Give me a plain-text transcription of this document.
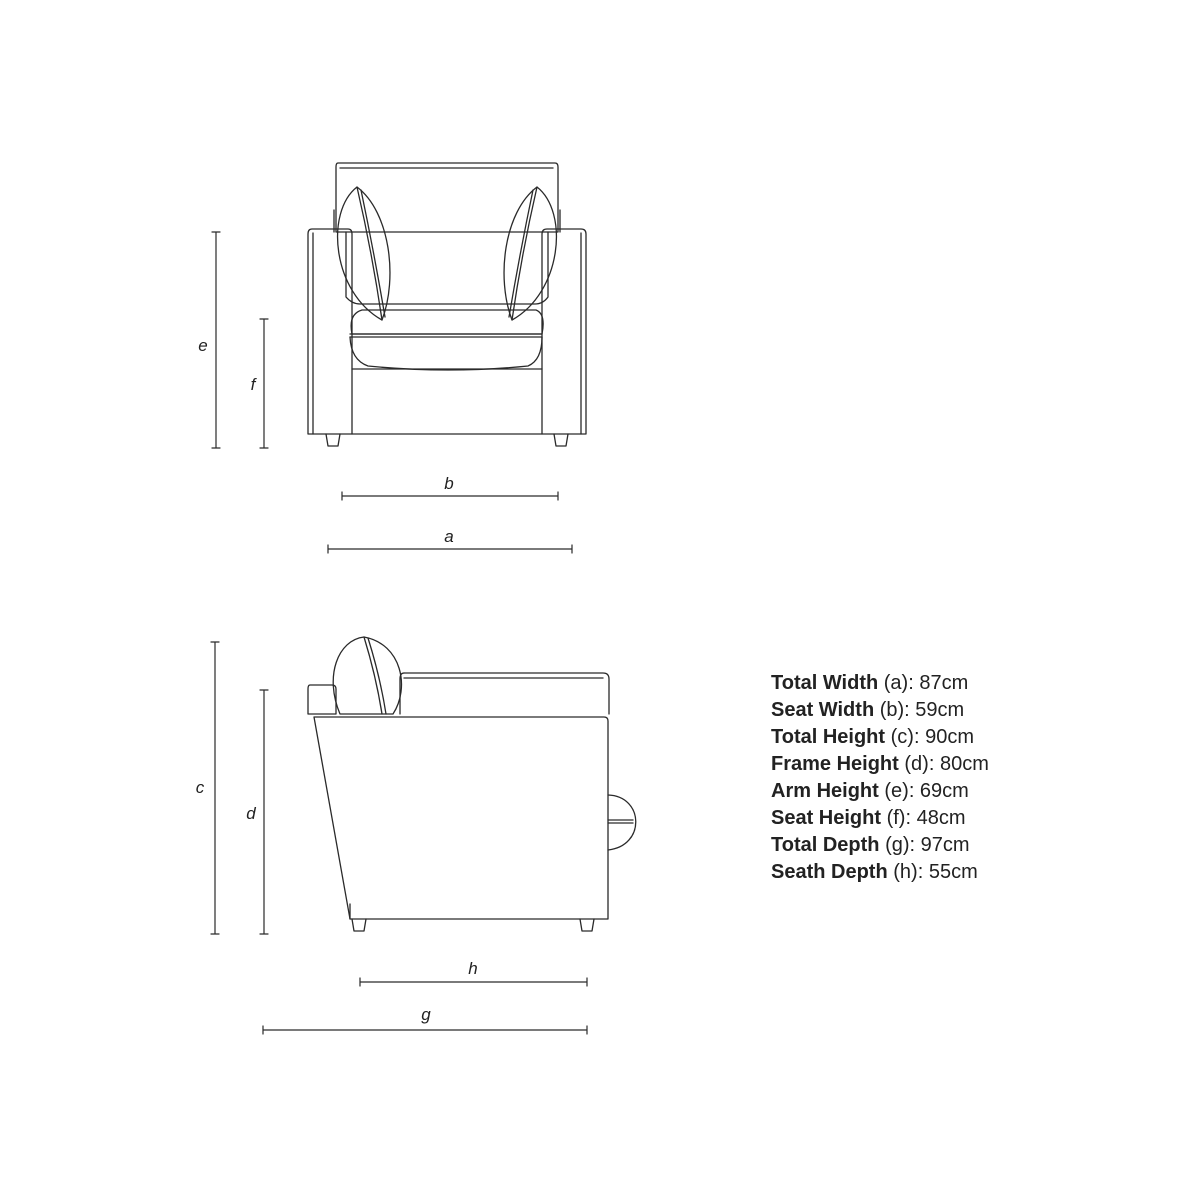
e
f
b
a
c
d
h
g
Total Width (a): 87cm
Seat Width (b): 59cm
Total Height (c): 90cm
Frame Height (d): 80cm
Arm Height (e): 69cm
Seat Height (f): 48cm
Total Depth (g): 97cm
Seath Depth (h): 55cm
